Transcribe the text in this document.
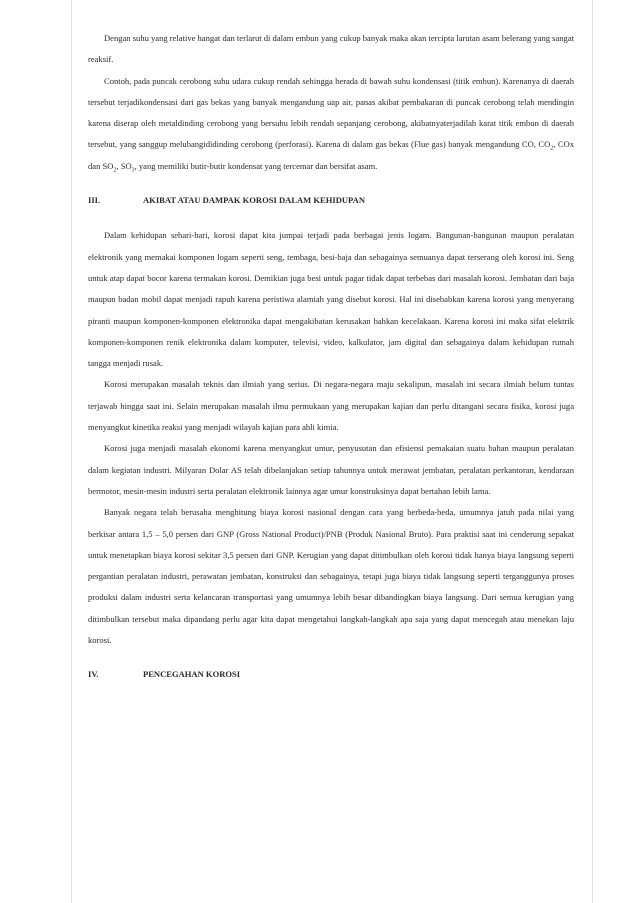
Dengan suhu yang relative hangat dan terlarut di dalam embun yang cukup banyak maka akan tercipta larutan asam belerang yang sangat reaksif.

Contoh, pada puncak cerobong suhu udara cukup rendah sehingga berada di bawah suhu kondensasi (titik embun). Karenanya di daerah tersebut terjadikondensasi dari gas bekas yang banyak mengandung uap air, panas akibat pembakaran di puncak cerobong telah mendingin karena diserap oleh metaldinding cerobong yang bersuhu lebih rendah sepanjang cerobong, akibatnyaterjadilah karat titik embun di daerah tersebut, yang sanggup melubangididinding cerobong (perforasi). Karena di dalam gas bekas (Flue gas) banyak mengandung CO, $CO_2$, COx dan $SO_2$, $SO_3$, yang memiliki butir-butir kondensat yang tercemar dan bersifat asam.

III.	AKIBAT ATAU DAMPAK KOROSI DALAM KEHIDUPAN

Dalam kehidupan sehari-hari, korosi dapat kita jumpai terjadi pada berbagai jenis logam. Bangunan-bangunan maupun peralatan elektronik yang memakai komponen logam seperti seng, tembaga, besi-baja dan sebagainya semuanya dapat terserang oleh korosi ini. Seng untuk atap dapat bocor karena termakan korosi. Demikian juga besi untuk pagar tidak dapat terbebas dari masalah korosi. Jembatan dari baja maupun badan mobil dapat menjadi rapuh karena peristiwa alamiah yang disebut korosi. Hal ini disebabkan karena korosi yang menyerang piranti maupun komponen-komponen elektronika dapat mengakibatan kerusakan bahkan kecelakaan. Karena korosi ini maka sifat elektrik komponen-komponen renik elektronika dalam komputer, televisi, video, kalkulator, jam digital dan sebagainya dalam kehidupan rumah tangga menjadi rusak.

Korosi merupakan masalah teknis dan ilmiah yang serius. Di negara-negara maju sekalipun, masalah ini secara ilmiah belum tuntas terjawab hingga saat ini. Selain merupakan masalah ilmu permukaan yang merupakan kajian dan perlu ditangani secara fisika, korosi juga menyangkut kinetika reaksi yang menjadi wilayah kajian para ahli kimia.

Korosi juga menjadi masalah ekonomi karena menyangkut umur, penyusutan dan efisiensi pemakaian suatu bahan maupun peralatan dalam kegiatan industri. Milyaran Dolar AS telah dibelanjakan setiap tahunnya untuk merawat jembatan, peralatan perkantoran, kendaraan bermotor, mesin-mesin industri serta peralatan elektronik lainnya agar umur konstruksinya dapat bertahan lebih lama.

Banyak negara telah berusaha menghitung biaya korosi nasional dengan cara yang berbeda-beda, umumnya jatuh pada nilai yang berkisar antara 1,5 – 5,0 persen dari GNP (Gross National Product)/PNB (Produk Nasional Bruto). Para praktisi saat ini cenderung sepakat untuk menetapkan biaya korosi sekitar 3,5 persen dari GNP. Kerugian yang dapat ditimbulkan oleh korosi tidak hanya biaya langsung seperti pergantian peralatan industri, perawatan jembatan, konstruksi dan sebagainya, tetapi juga biaya tidak langsung seperti terganggunya proses produksi dalam industri serta kelancaran transportasi yang umumnya lebih besar dibandingkan biaya langsung. Dari semua kerugian yang ditimbulkan tersebut maka dipandang perlu agar kita dapat mengetahui langkah-langkah apa saja yang dapat mencegah atau menekan laju korosi.

IV.	PENCEGAHAN KOROSI
